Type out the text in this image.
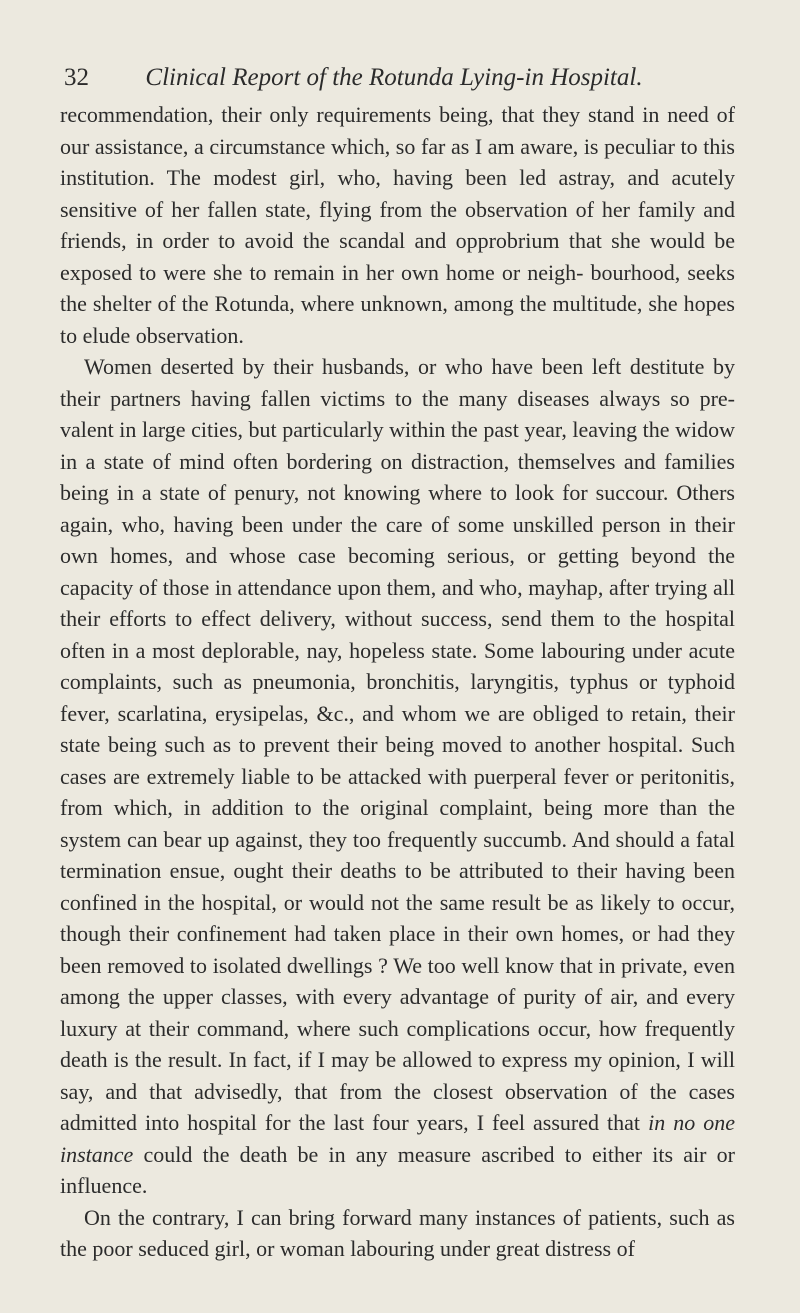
32	Clinical Report of the Rotunda Lying-in Hospital.

recommendation, their only requirements being, that they stand in need of our assistance, a circumstance which, so far as I am aware, is peculiar to this institution. The modest girl, who, having been led astray, and acutely sensitive of her fallen state, flying from the observation of her family and friends, in order to avoid the scandal and opprobrium that she would be exposed to were she to remain in her own home or neigh- bourhood, seeks the shelter of the Rotunda, where unknown, among the multitude, she hopes to elude observation.

Women deserted by their husbands, or who have been left destitute by their partners having fallen victims to the many diseases always so pre- valent in large cities, but particularly within the past year, leaving the widow in a state of mind often bordering on distraction, themselves and families being in a state of penury, not knowing where to look for succour. Others again, who, having been under the care of some unskilled person in their own homes, and whose case becoming serious, or getting beyond the capacity of those in attendance upon them, and who, mayhap, after trying all their efforts to effect delivery, without success, send them to the hospital often in a most deplorable, nay, hopeless state. Some labouring under acute complaints, such as pneumonia, bronchitis, laryngitis, typhus or typhoid fever, scarlatina, erysipelas, &c., and whom we are obliged to retain, their state being such as to prevent their being moved to another hospital. Such cases are extremely liable to be attacked with puerperal fever or peritonitis, from which, in addition to the original complaint, being more than the system can bear up against, they too frequently succumb. And should a fatal termination ensue, ought their deaths to be attributed to their having been confined in the hospital, or would not the same result be as likely to occur, though their confinement had taken place in their own homes, or had they been removed to isolated dwellings ? We too well know that in private, even among the upper classes, with every advantage of purity of air, and every luxury at their command, where such complications occur, how frequently death is the result. In fact, if I may be allowed to express my opinion, I will say, and that advisedly, that from the closest observation of the cases admitted into hospital for the last four years, I feel assured that in no one instance could the death be in any measure ascribed to either its air or influence.

On the contrary, I can bring forward many instances of patients, such as the poor seduced girl, or woman labouring under great distress of
